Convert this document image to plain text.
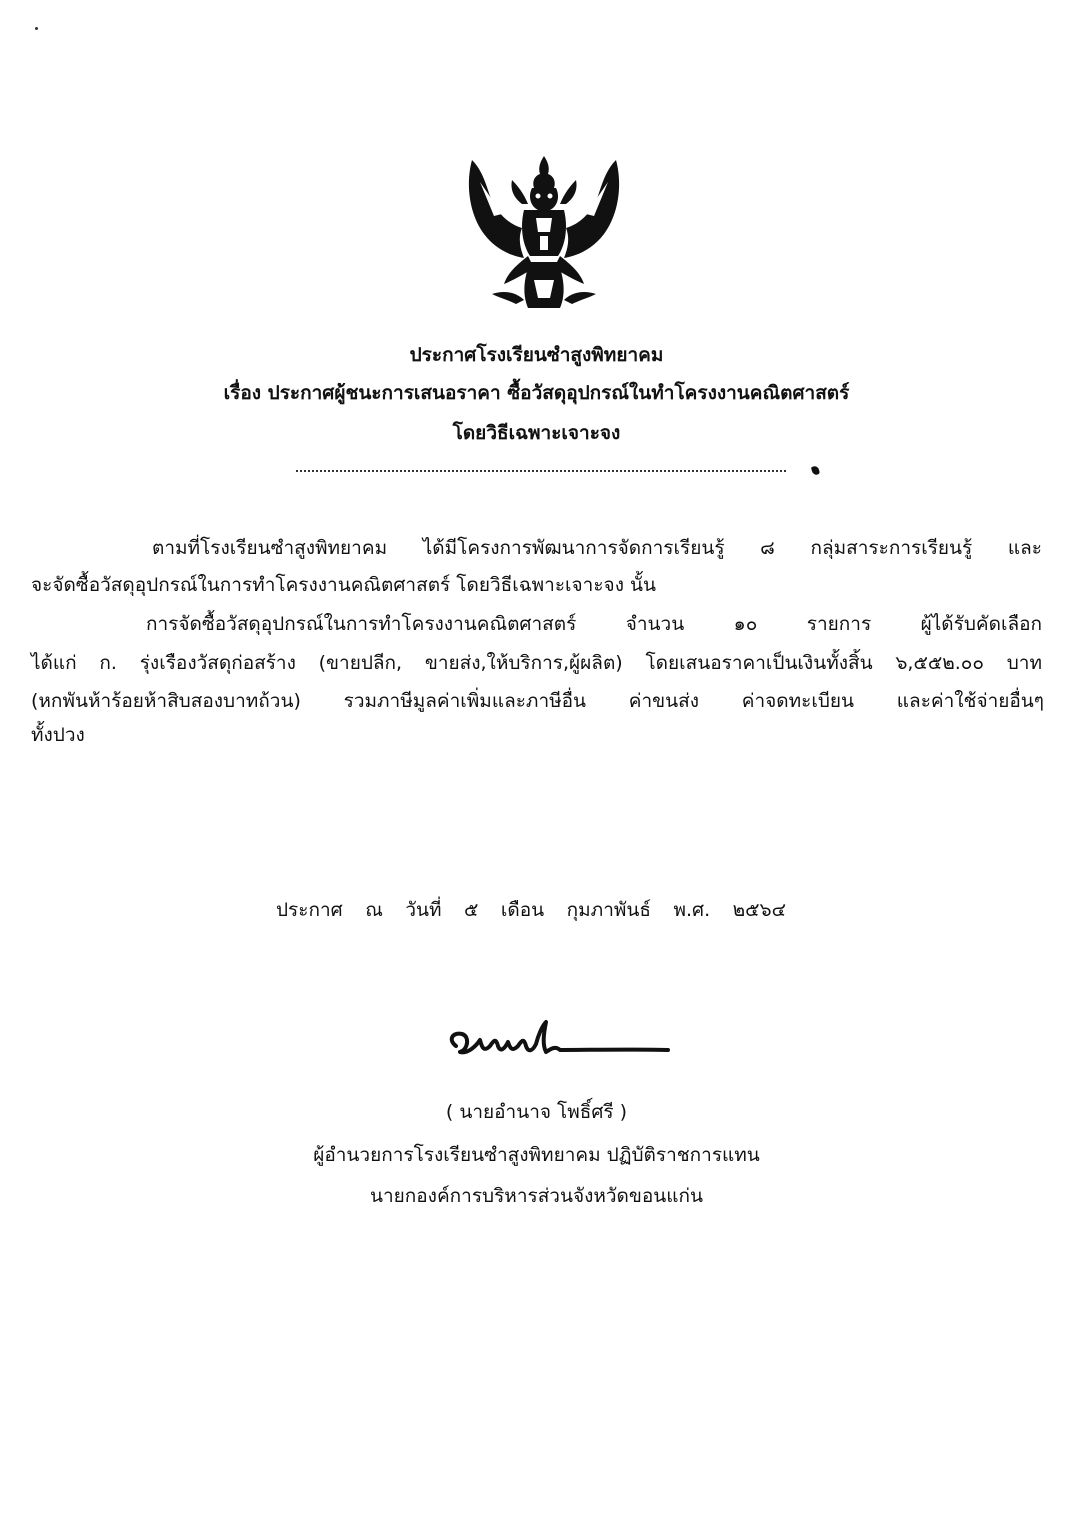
ประกาศโรงเรียนซำสูงพิทยาคม
เรื่อง ประกาศผู้ชนะการเสนอราคา ซื้อวัสดุอุปกรณ์ในทำโครงงานคณิตศาสตร์
โดยวิธีเฉพาะเจาะจง
ตามที่โรงเรียนซำสูงพิทยาคม ได้มีโครงการพัฒนาการจัดการเรียนรู้ ๘ กลุ่มสาระการเรียนรู้ และ
จะจัดซื้อวัสดุอุปกรณ์ในการทำโครงงานคณิตศาสตร์ โดยวิธีเฉพาะเจาะจง นั้น
การจัดซื้อวัสดุอุปกรณ์ในการทำโครงงานคณิตศาสตร์ จำนวน ๑๐ รายการ ผู้ได้รับคัดเลือก
ได้แก่ ก. รุ่งเรืองวัสดุก่อสร้าง (ขายปลีก, ขายส่ง,ให้บริการ,ผู้ผลิต) โดยเสนอราคาเป็นเงินทั้งสิ้น ๖,๕๕๒.๐๐ บาท
(หกพันห้าร้อยห้าสิบสองบาทถ้วน) รวมภาษีมูลค่าเพิ่มและภาษีอื่น ค่าขนส่ง ค่าจดทะเบียน และค่าใช้จ่ายอื่นๆ
ทั้งปวง
ประกาศ ณ วันที่ ๕ เดือน กุมภาพันธ์ พ.ศ. ๒๕๖๔
( นายอำนาจ โพธิ์ศรี )
ผู้อำนวยการโรงเรียนซำสูงพิทยาคม ปฏิบัติราชการแทน
นายกองค์การบริหารส่วนจังหวัดขอนแก่น
